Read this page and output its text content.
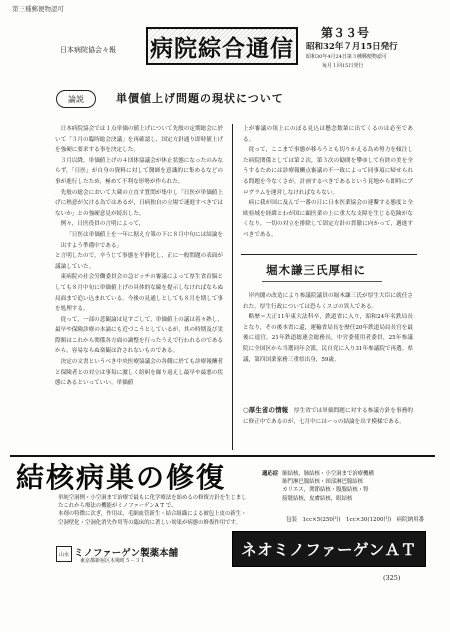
第三種郵便物認可
日本病院協会々報 病院綜合通信
第３３号
昭和32年７月15日発行
昭和30年4月24日第３種郵便物認可
毎月１回15日発行
論説	単價値上げ問題の現状について

日本病院協会では１点単価の値上げについて先般の定期総会に於いて「３月の臨時総会決議」を再確認し，国定方針通り即時値上げを強硬に要求する事を決定した。

３月以降，単価値上げの４団体協議会が休止状態になったのみならず，「日医」が自身の資料に対して醫師を意識的に集めるなどの事が進行したため，極めて不利な形勢が作られた。

先般の総会において大蔵の立直す質問が集中し「日医が単価値上げに熱意が欠ける為ではあるが，日病独自の立場で速進すべきではないか」との強硬意見が続出した。

例々，日医役員の言明によって，

「日医は単価値上を一年に据え方策の下に８月中旬には結論を出すよう準備中である」

と言明したので，辛うじて事態を平静化し，正に一般問題の表面が議論していた。

東病院の社会労働委員会の急ピッチの審議によって厚生省首脳としても８月中旬に単価値上げの具体的な線を提示しなければならぬ局面まで追い込まれている。今後の見通しとしても８月を期して事を処理する。

従って，一部の悲観論は見すごして，単価値上の議は着々熟し，最早や保険診療の本論にも近づこうとしているが，其の時期及び実際額はこれから関係各方面の調整を行ったうえで行われるのであるから，容易ならぬ楽観は許されないものである。

決定の文書というべき中央医療協議会の各側に於ても診療報酬者と保険者との対立は事毎に激しく紛糾を繰り返えし最早や最悪の状態にあるといっていい。単価値

上が審議の俎上にのぼる見込は懸念数輩に出てくるのは必至である。

従って，ここまで事態が移ろうとも切りかえる為め努力を傾注した病院関係としては第２次，第３次の勧間を攀ゆして有終の美を全うするためには診療報酬点審議の不一致によって同事項に帰せられる問題を今なくさが，計画するべきであるという見地から即時にプログラムを運営しなければならない。

病に我が国に及んで一番の日に日本医業協会の連繋する態度と全欧亜域を経緯とわが国に顕医業の上に重大な支障を生じる危険がなくなり，一切の対立を排除して固定方針の貫徹に向かって，邁進すべきである。

堀木謙三氏厚相に

岸内閣の改造により参議院議員の堀木謙三氏が厚生大臣に就任された。厚生行政については恐らくスゴの異人である。

略歴＝大正11年東大法科卒，鉄道省に入り，昭和24年名鉄局長となり，その後本省に還，運輸省局長を歴任20年鉄道局局長官を最後に退官，21年鉄道総連会総務長，中労委使用者委員，25年参議院に全国区から当選同年会派，民自党に入り31年参議院で再選。県議，第四国業家務三重県出身，59歳。

○厚生省の情報　 厚生省では単価問題に対する参議方針を事務的に修正中であるのが，七月中にはーっの結論を出す模様である。

結核病巣の修復
単純空洞例・小空洞まで治療で最もに化学療法を始めるの修復方針を生じましたこれから療法の機能がミノファーゲンA T で、
本剤の特徴に次ぎ，作用は，毛細血管新生・結合組織による被包上皮の新生・空洞壁化・空洞化消失作用等の臨床的に著しい効果が病態の修復作用です。
適応症 肺結核，肺結核・小空洞まで治療機構
肺門淋巴腺結核・頸部淋巴腺結核
カリエス，関節結核・腹腺結核・腎
膀胱結核，皮膚結核，眼結核
包装　1cc×5(250円)　1cc×30(1200円)　病院納用番
山水 ミノファーゲン製薬本舗
東京都新宿区木場町５－３１
ネオミノファーゲンＡＴ
(325)
